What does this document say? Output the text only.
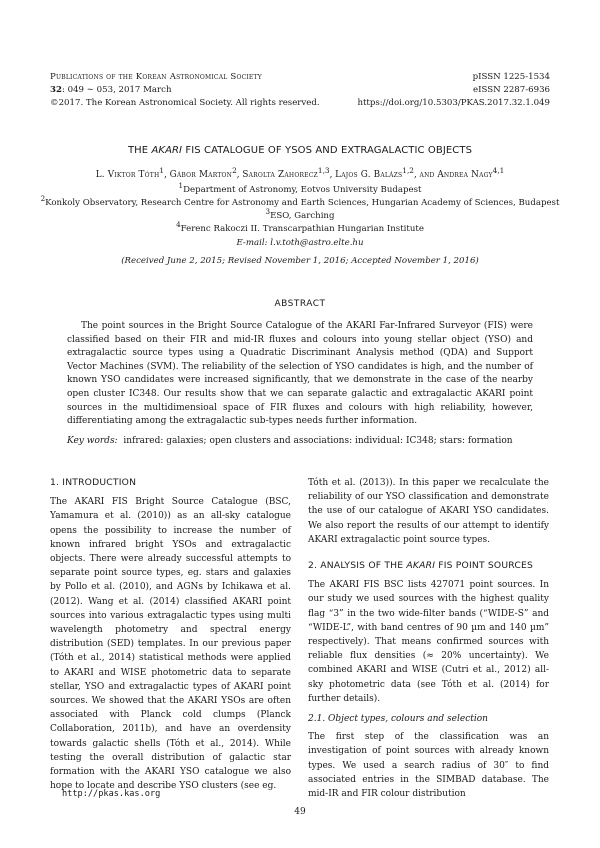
Publications of the Korean Astronomical Society
32: 049 ∼ 053, 2017 March
©2017. The Korean Astronomical Society. All rights reserved.
pISSN 1225-1534
eISSN 2287-6936
https://doi.org/10.5303/PKAS.2017.32.1.049
THE AKARI FIS CATALOGUE OF YSOS AND EXTRAGALACTIC OBJECTS
L. Viktor Tóth$^1$, Gábor Marton$^2$, Sarolta Zahorecz$^{1,3}$, Lajos G. Balázs$^{1,2}$, and Andrea Nagy$^{4,1}$
$^1$Department of Astronomy, Eotvos University Budapest
$^2$Konkoly Observatory, Research Centre for Astronomy and Earth Sciences, Hungarian Academy of Sciences, Budapest
$^3$ESO, Garching
$^4$Ferenc Rakoczi II. Transcarpathian Hungarian Institute
E-mail: l.v.toth@astro.elte.hu
(Received June 2, 2015; Revised November 1, 2016; Accepted November 1, 2016)
ABSTRACT
The point sources in the Bright Source Catalogue of the AKARI Far-Infrared Surveyor (FIS) were classified based on their FIR and mid-IR fluxes and colours into young stellar object (YSO) and extragalactic source types using a Quadratic Discriminant Analysis method (QDA) and Support Vector Machines (SVM). The reliability of the selection of YSO candidates is high, and the number of known YSO candidates were increased significantly, that we demonstrate in the case of the nearby open cluster IC348. Our results show that we can separate galactic and extragalactic AKARI point sources in the multidimensioal space of FIR fluxes and colours with high reliability, however, differentiating among the extragalactic sub-types needs further information.
Key words: infrared: galaxies; open clusters and associations: individual: IC348; stars: formation
1. INTRODUCTION

The AKARI FIS Bright Source Catalogue (BSC, Yamamura et al. (2010)) as an all-sky catalogue opens the possibility to increase the number of known infrared bright YSOs and extragalactic objects. There were already successful attempts to separate point source types, eg. stars and galaxies by Pollo et al. (2010), and AGNs by Ichikawa et al. (2012). Wang et al. (2014) classified AKARI point sources into various extragalactic types using multi wavelength photometry and spectral energy distribution (SED) templates. In our previous paper (Tóth et al., 2014) statistical methods were applied to AKARI and WISE photometric data to separate stellar, YSO and extragalactic types of AKARI point sources. We showed that the AKARI YSOs are often associated with Planck cold clumps (Planck Collaboration, 2011b), and have an overdensity towards galactic shells (Tóth et al., 2014). While testing the overall distribution of galactic star formation with the AKARI YSO catalogue we also hope to locate and describe YSO clusters (see eg.

Tóth et al. (2013)). In this paper we recalculate the reliability of our YSO classification and demonstrate the use of our catalogue of AKARI YSO candidates. We also report the results of our attempt to identify AKARI extragalactic point source types.

2. ANALYSIS OF THE AKARI FIS POINT SOURCES

The AKARI FIS BSC lists 427071 point sources. In our study we used sources with the highest quality flag “3” in the two wide-filter bands (“WIDE-S” and “WIDE-L”, with band centres of 90 µm and 140 µm” respectively). That means confirmed sources with reliable flux densities (≈ 20% uncertainty). We combined AKARI and WISE (Cutri et al., 2012) all-sky photometric data (see Tóth et al. (2014) for further details).

2.1. Object types, colours and selection

The first step of the classification was an investigation of point sources with already known types. We used a search radius of 30″ to find associated entries in the SIMBAD database. The mid-IR and FIR colour distribution

http://pkas.kas.org
49
